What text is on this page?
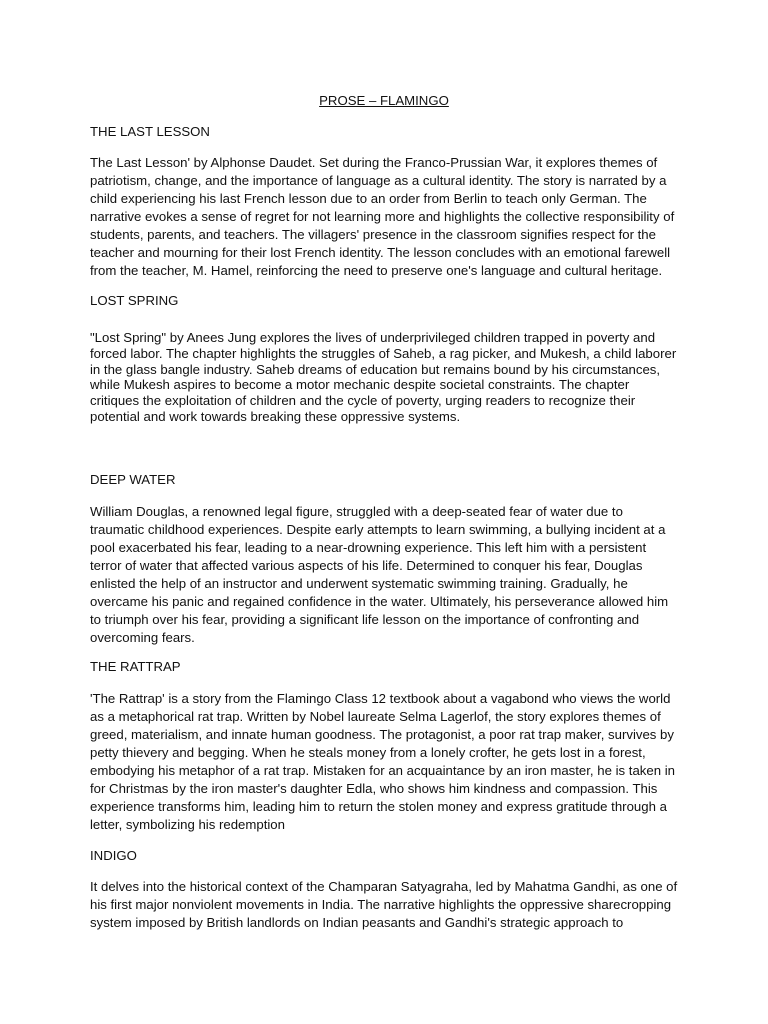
PROSE – FLAMINGO
THE LAST LESSON

The Last Lesson' by Alphonse Daudet. Set during the Franco-Prussian War, it explores themes of patriotism, change, and the importance of language as a cultural identity. The story is narrated by a child experiencing his last French lesson due to an order from Berlin to teach only German. The narrative evokes a sense of regret for not learning more and highlights the collective responsibility of students, parents, and teachers. The villagers' presence in the classroom signifies respect for the teacher and mourning for their lost French identity. The lesson concludes with an emotional farewell from the teacher, M. Hamel, reinforcing the need to preserve one's language and cultural heritage.

LOST SPRING

"Lost Spring" by Anees Jung explores the lives of underprivileged children trapped in poverty and forced labor. The chapter highlights the struggles of Saheb, a rag picker, and Mukesh, a child laborer in the glass bangle industry. Saheb dreams of education but remains bound by his circumstances, while Mukesh aspires to become a motor mechanic despite societal constraints. The chapter critiques the exploitation of children and the cycle of poverty, urging readers to recognize their potential and work towards breaking these oppressive systems.

DEEP WATER

William Douglas, a renowned legal figure, struggled with a deep-seated fear of water due to traumatic childhood experiences. Despite early attempts to learn swimming, a bullying incident at a pool exacerbated his fear, leading to a near-drowning experience. This left him with a persistent terror of water that affected various aspects of his life. Determined to conquer his fear, Douglas enlisted the help of an instructor and underwent systematic swimming training. Gradually, he overcame his panic and regained confidence in the water. Ultimately, his perseverance allowed him to triumph over his fear, providing a significant life lesson on the importance of confronting and overcoming fears.

THE RATTRAP

'The Rattrap' is a story from the Flamingo Class 12 textbook about a vagabond who views the world as a metaphorical rat trap. Written by Nobel laureate Selma Lagerlof, the story explores themes of greed, materialism, and innate human goodness. The protagonist, a poor rat trap maker, survives by petty thievery and begging. When he steals money from a lonely crofter, he gets lost in a forest, embodying his metaphor of a rat trap. Mistaken for an acquaintance by an iron master, he is taken in for Christmas by the iron master's daughter Edla, who shows him kindness and compassion. This experience transforms him, leading him to return the stolen money and express gratitude through a letter, symbolizing his redemption

INDIGO

It delves into the historical context of the Champaran Satyagraha, led by Mahatma Gandhi, as one of his first major nonviolent movements in India. The narrative highlights the oppressive sharecropping system imposed by British landlords on Indian peasants and Gandhi's strategic approach to
